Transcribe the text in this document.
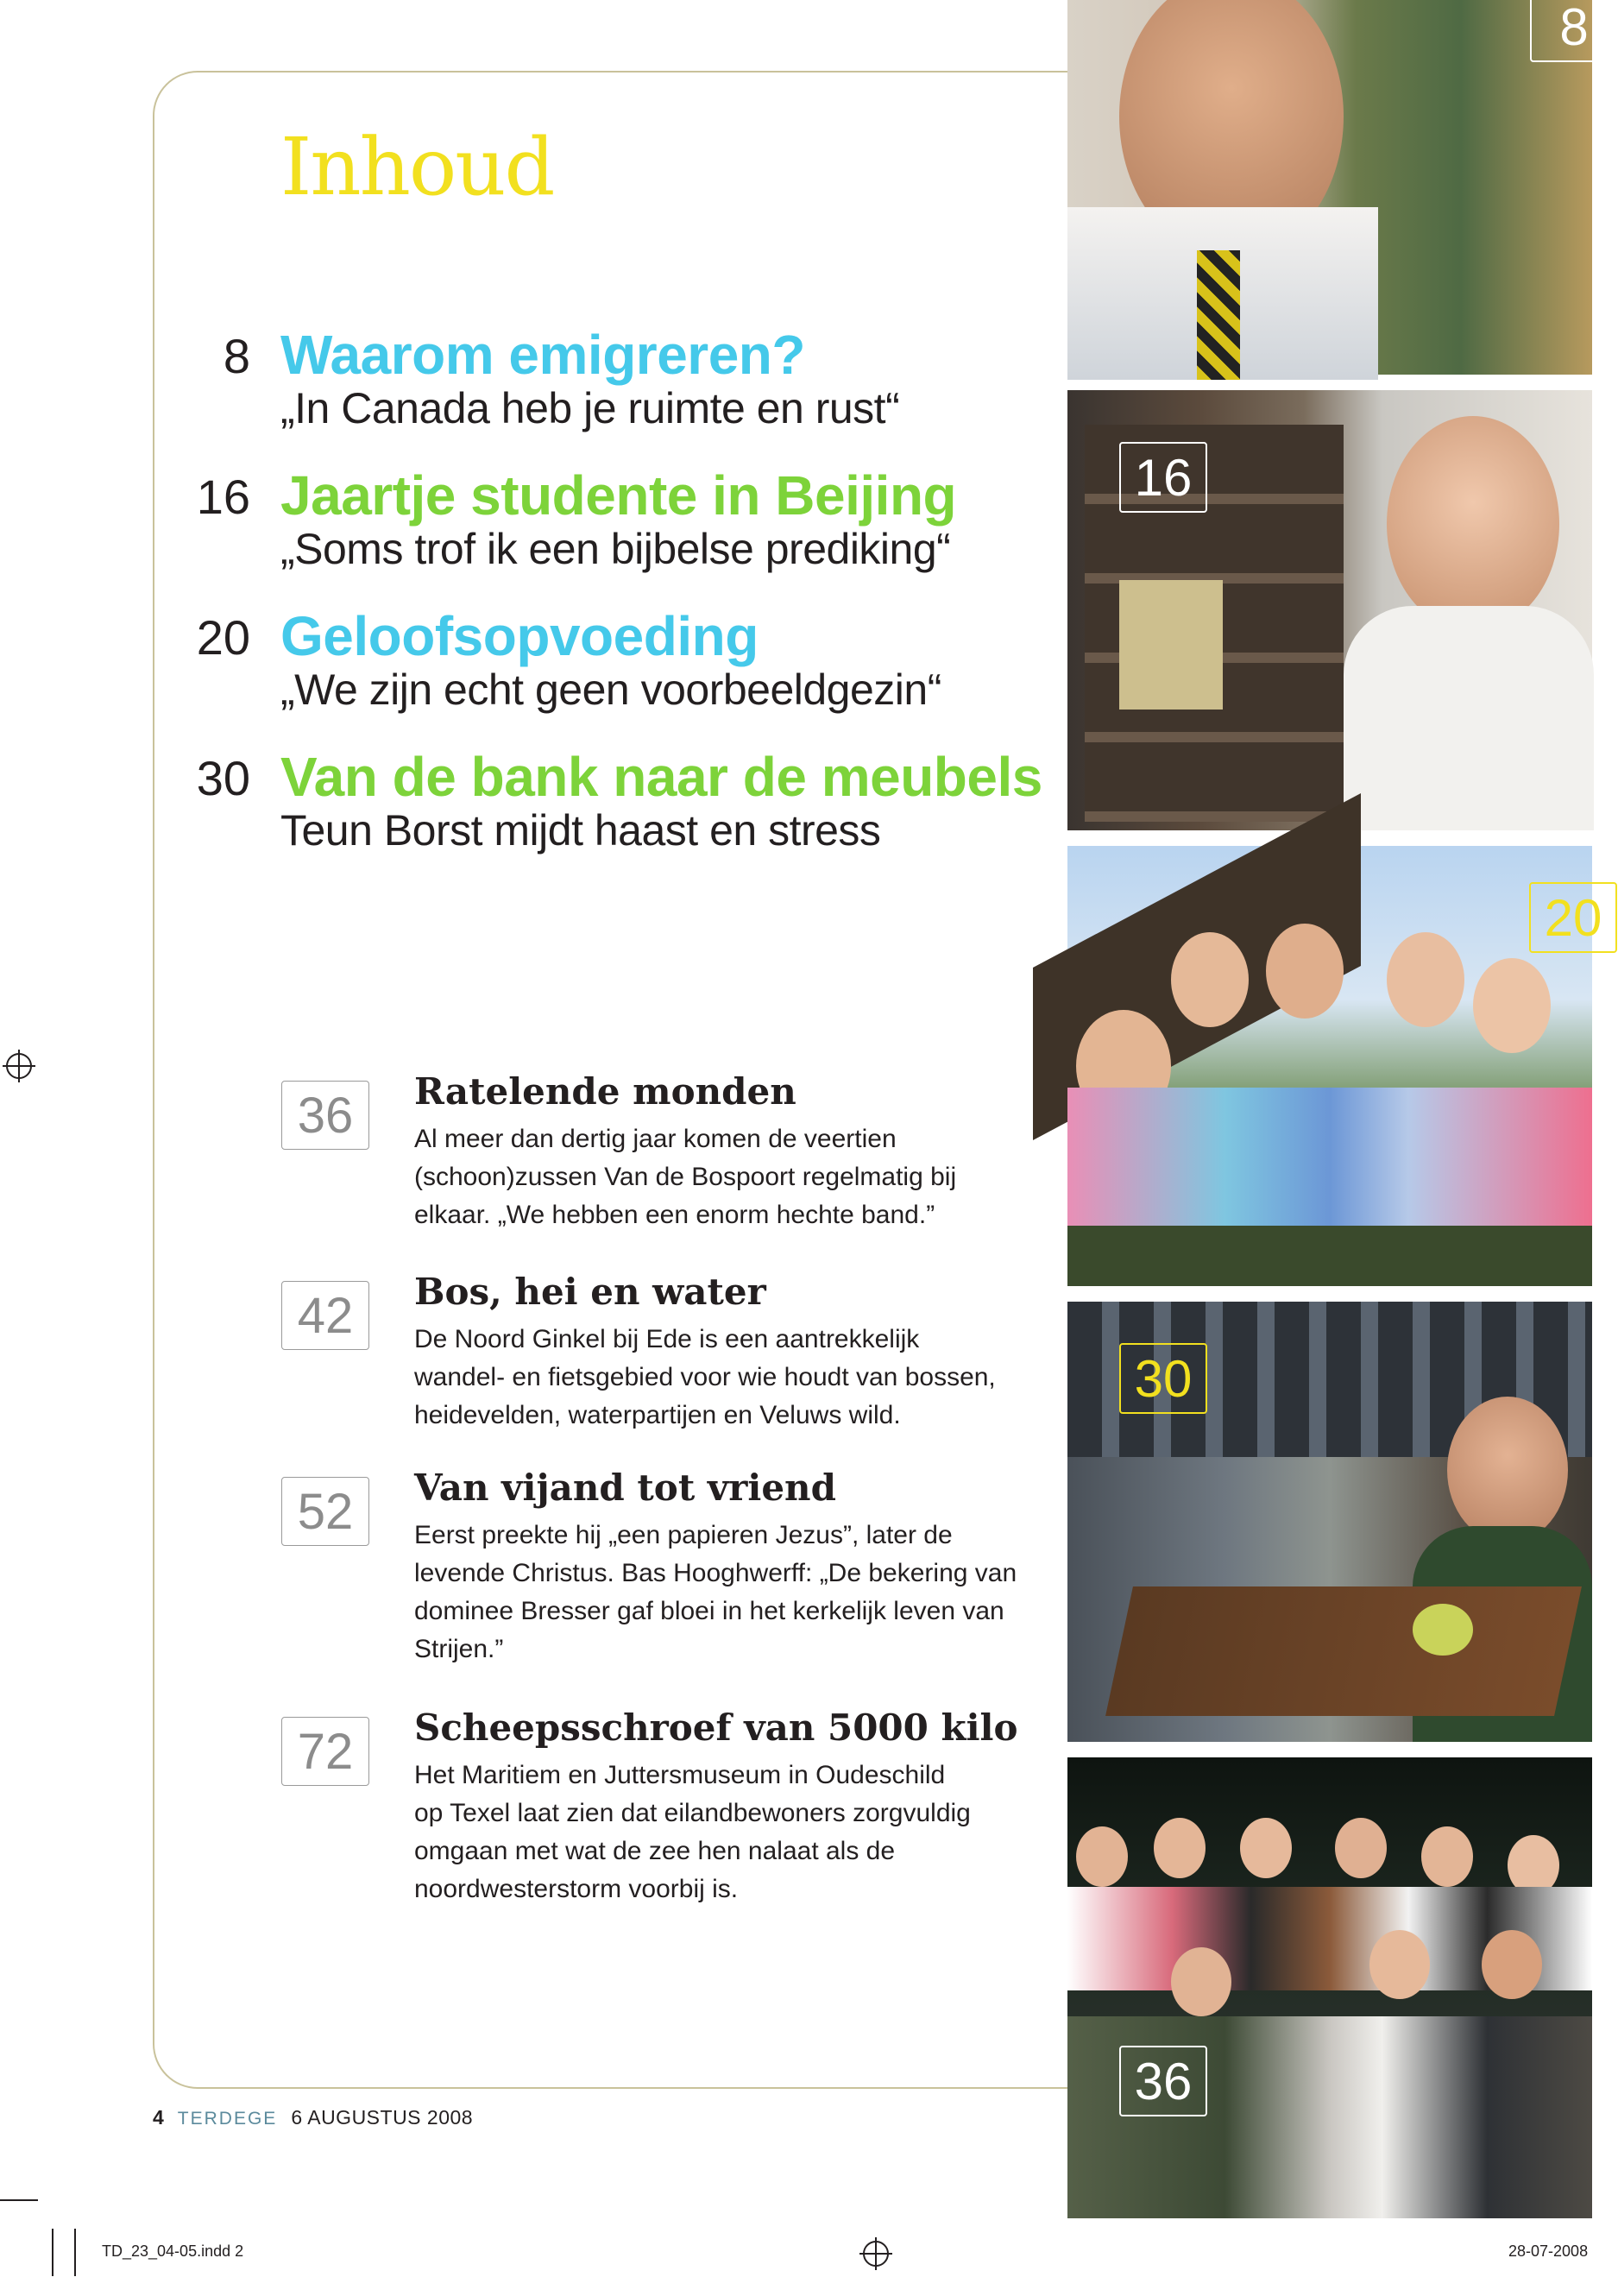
Inhoud
8 Waarom emigreren?
„In Canada heb je ruimte en rust“
16 Jaartje studente in Beijing
„Soms trof ik een bijbelse prediking“
20 Geloofsopvoeding
„We zijn echt geen voorbeeldgezin“
30 Van de bank naar de meubels
Teun Borst mijdt haast en stress
36	Ratelende monden
Al meer dan dertig jaar komen de veertien
(schoon)zussen Van de Bospoort regelmatig bij
elkaar. „We hebben een enorm hechte band.”
42	Bos, hei en water
De Noord Ginkel bij Ede is een aantrekkelijk
wandel- en fietsgebied voor wie houdt van bossen,
heidevelden, waterpartijen en Veluws wild.
52	Van vijand tot vriend
Eerst preekte hij „een papieren Jezus”, later de
levende Christus. Bas Hooghwerff: „De bekering van
dominee Bresser gaf bloei in het kerkelijk leven van
Strijen.”
72	Scheepsschroef van 5000 kilo
Het Maritiem en Juttersmuseum in Oudeschild
op Texel laat zien dat eilandbewoners zorgvuldig
omgaan met wat de zee hen nalaat als de
noordwesterstorm voorbij is.
4 TERDEGE 6 AUGUSTUS 2008
8
16
20
30
36
TD_23_04-05.indd 2	28-07-2008
